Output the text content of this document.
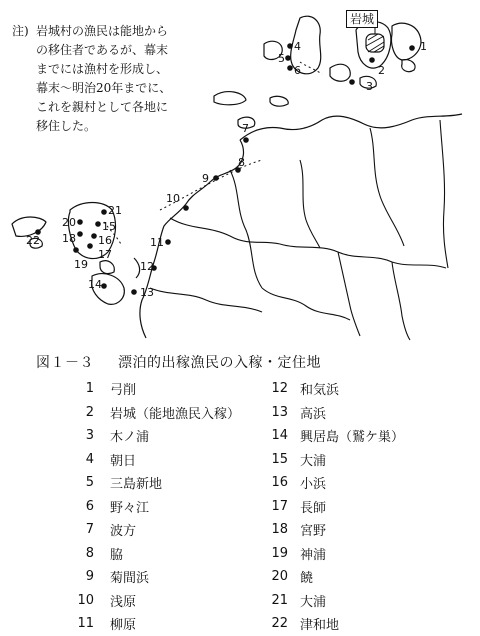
1
2
3
4
5
6
7
8
9
10
11
12
13
14
15
16
17
18
19
20
21
22
岩城
注) 岩城村の漁民は能地から
の移住者であるが、幕末
までには漁村を形成し、
幕末～明治20年までに、
これを親村として各地に
移住した。
図１－３ 漂泊的出稼漁民の入稼・定住地
1 弓削
2 岩城（能地漁民入稼）
3 木ノ浦
4 朝日
5 三島新地
6 野々江
7 波方
8 脇
9 菊間浜
10 浅原
11 柳原
12 和気浜
13 高浜
14 興居島（鷲ケ巣）
15 大浦
16 小浜
17 長師
18 宮野
19 神浦
20 饒
21 大浦
22 津和地
